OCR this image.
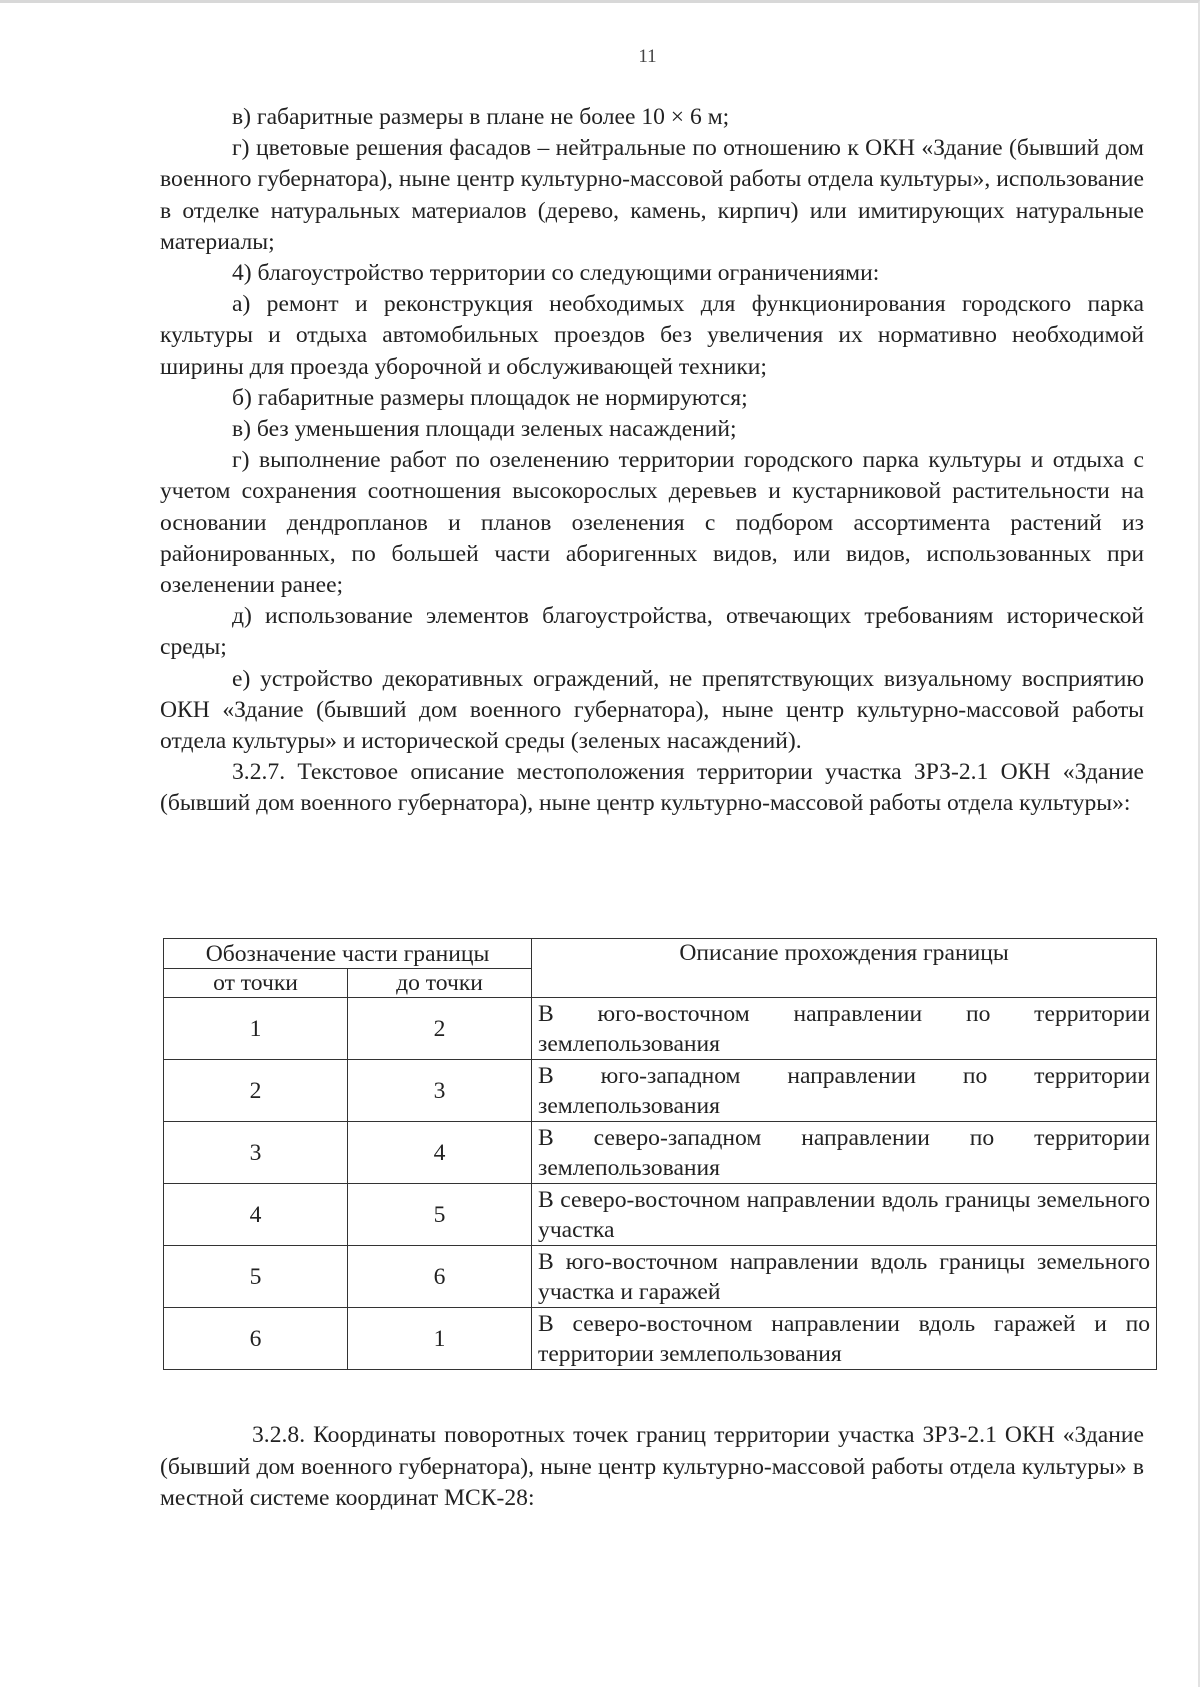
11

в) габаритные размеры в плане не более 10 × 6 м;

г) цветовые решения фасадов – нейтральные по отношению к ОКН «Здание (бывший дом военного губернатора), ныне центр культурно-массовой работы отдела культуры», использование в отделке натуральных материалов (дерево, камень, кирпич) или имитирующих натуральные материалы;

4) благоустройство территории со следующими ограничениями:

а) ремонт и реконструкция необходимых для функционирования городского парка культуры и отдыха автомобильных проездов без увеличения их нормативно необходимой ширины для проезда уборочной и обслуживающей техники;

б) габаритные размеры площадок не нормируются;

в) без уменьшения площади зеленых насаждений;

г) выполнение работ по озеленению территории городского парка культуры и отдыха с учетом сохранения соотношения высокорослых деревьев и кустарниковой растительности на основании дендропланов и планов озеленения с подбором ассортимента растений из районированных, по большей части аборигенных видов, или видов, использованных при озеленении ранее;

д) использование элементов благоустройства, отвечающих требованиям исторической среды;

е) устройство декоративных ограждений, не препятствующих визуальному восприятию ОКН «Здание (бывший дом военного губернатора), ныне центр культурно-массовой работы отдела культуры» и исторической среды (зеленых насаждений).

3.2.7. Текстовое описание местоположения территории участка ЗРЗ-2.1 ОКН «Здание (бывший дом военного губернатора), ныне центр культурно-массовой работы отдела культуры»:

Обозначение части границы		Описание прохождения границы
от точки	до точки	
1	2	В юго-восточном направлении по территории землепользования
2	3	В юго-западном направлении по территории землепользования
3	4	В северо-западном направлении по территории землепользования
4	5	В северо-восточном направлении вдоль границы земельного участка
5	6	В юго-восточном направлении вдоль границы земельного участка и гаражей
6	1	В северо-восточном направлении вдоль гаражей и по территории землепользования

3.2.8. Координаты поворотных точек границ территории участка ЗРЗ-2.1 ОКН «Здание (бывший дом военного губернатора), ныне центр культурно-массовой работы отдела культуры» в местной системе координат МСК-28:
